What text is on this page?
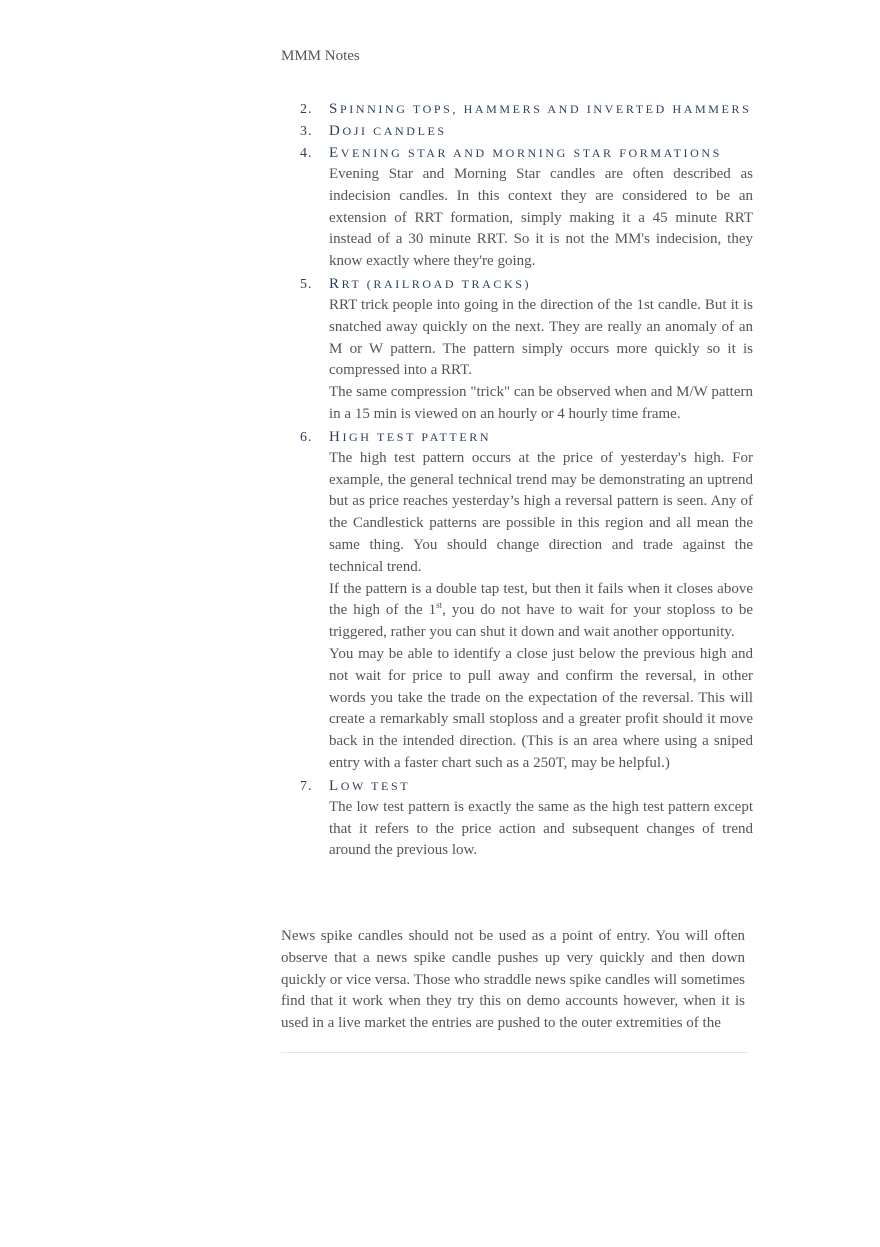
MMM Notes
2.	SPINNING TOPS, HAMMERS AND INVERTED HAMMERS
3.	DOJI CANDLES
4.	EVENING STAR AND MORNING STAR FORMATIONS

Evening Star and Morning Star candles are often described as indecision candles. In this context they are considered to be an extension of RRT formation, simply making it a 45 minute RRT instead of a 30 minute RRT. So it is not the MM's indecision, they know exactly where they're going.

5.	RRT (RAILROAD TRACKS)

RRT trick people into going in the direction of the 1st candle. But it is snatched away quickly on the next. They are really an anomaly of an M or W pattern. The pattern simply occurs more quickly so it is compressed into a RRT.

The same compression "trick" can be observed when and M/W pattern in a 15 min is viewed on an hourly or 4 hourly time frame.

6.	HIGH TEST PATTERN

The high test pattern occurs at the price of yesterday's high. For example, the general technical trend may be demonstrating an uptrend but as price reaches yesterday’s high a reversal pattern is seen. Any of the Candlestick patterns are possible in this region and all mean the same thing. You should change direction and trade against the technical trend.

If the pattern is a double tap test, but then it fails when it closes above the high of the 1st, you do not have to wait for your stoploss to be triggered, rather you can shut it down and wait another opportunity.

You may be able to identify a close just below the previous high and not wait for price to pull away and confirm the reversal, in other words you take the trade on the expectation of the reversal. This will create a remarkably small stoploss and a greater profit should it move back in the intended direction. (This is an area where using a sniped entry with a faster chart such as a 250T, may be helpful.)

7.	LOW TEST

The low test pattern is exactly the same as the high test pattern except that it refers to the price action and subsequent changes of trend around the previous low.

News spike candles should not be used as a point of entry. You will often observe that a news spike candle pushes up very quickly and then down quickly or vice versa. Those who straddle news spike candles will sometimes find that it work when they try this on demo accounts however, when it is used in a live market the entries are pushed to the outer extremities of the
